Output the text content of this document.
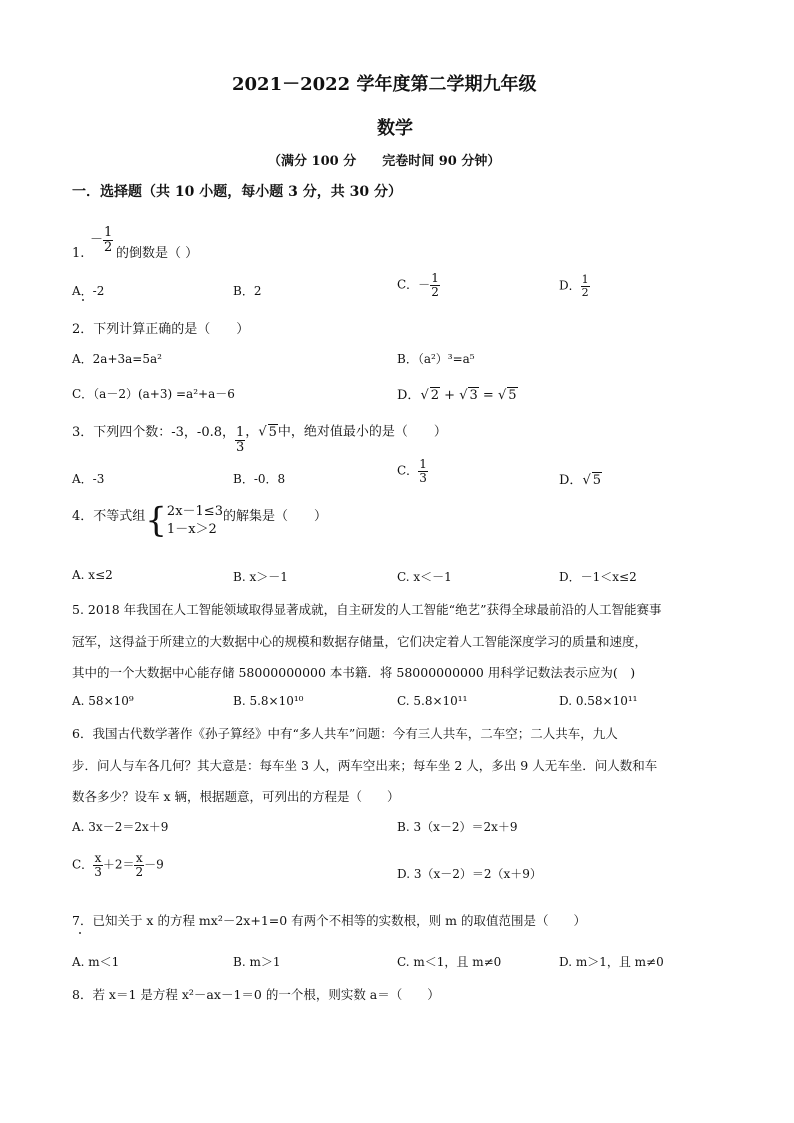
2021－2022 学年度第二学期九年级
数学
（满分 100 分　　完卷时间 90 分钟）
一．选择题（共 10 小题，每小题 3 分，共 30 分）
1.
－ $\frac{1}{2}$ 的倒数是（ ）
A．-2	B．2	C．－ $\frac{1}{2}$	D． $\frac{1}{2}$
2．下列计算正确的是（　　）
A．2a+3a=5a²	B．（a²）³=a⁵
C．（a－2）(a+3) =a²+a－6	D．√ 2 + √ 3 = √ 5
3．下列四个数：-3，-0.8， $\frac{1}{3}$ ，√ 5中，绝对值最小的是（　　）
A．-3	B．-0．8
C． $\frac{1}{3}$	D．√ 5
4．不等式组{ 2x－1≤3
1－x＞2
的解集是（　　）
A. x≤2	B. x＞－1	C. x＜－1	D．－1＜x≤2
5. 2018 年我国在人工智能领域取得显著成就，自主研发的人工智能“绝艺”获得全球最前沿的人工智能赛事
冠军，这得益于所建立的大数据中心的规模和数据存储量，它们决定着人工智能深度学习的质量和速度，
其中的一个大数据中心能存储 58000000000 本书籍．将 58000000000 用科学记数法表示应为(　)
A. 58×10⁹	B. 5.8×10¹⁰	C. 5.8×10¹¹	D. 0.58×10¹¹
6．我国古代数学著作《孙子算经》中有“多人共车”问题：今有三人共车，二车空；二人共车，九人
步．问人与车各几何？其大意是：每车坐 3 人，两车空出来；每车坐 2 人，多出 9 人无车坐．问人数和车
数各多少？设车 x 辆，根据题意，可列出的方程是（　　）
A. 3x－2＝2x＋9	B. 3（x－2）＝2x＋9
C． $\frac{x}{3} +2= \frac{x}{2} -9$
D. 3（x－2）＝2（x＋9）
7．已知关于 x 的方程 mx²－2x+1=0 有两个不相等的实数根，则 m 的取值范围是（　　）
A. m＜1	B. m＞1	C. m＜1，且 m≠0	D. m＞1，且 m≠0
8．若 x＝1 是方程 x²－ax－1＝0 的一个根，则实数 a＝（　　）
